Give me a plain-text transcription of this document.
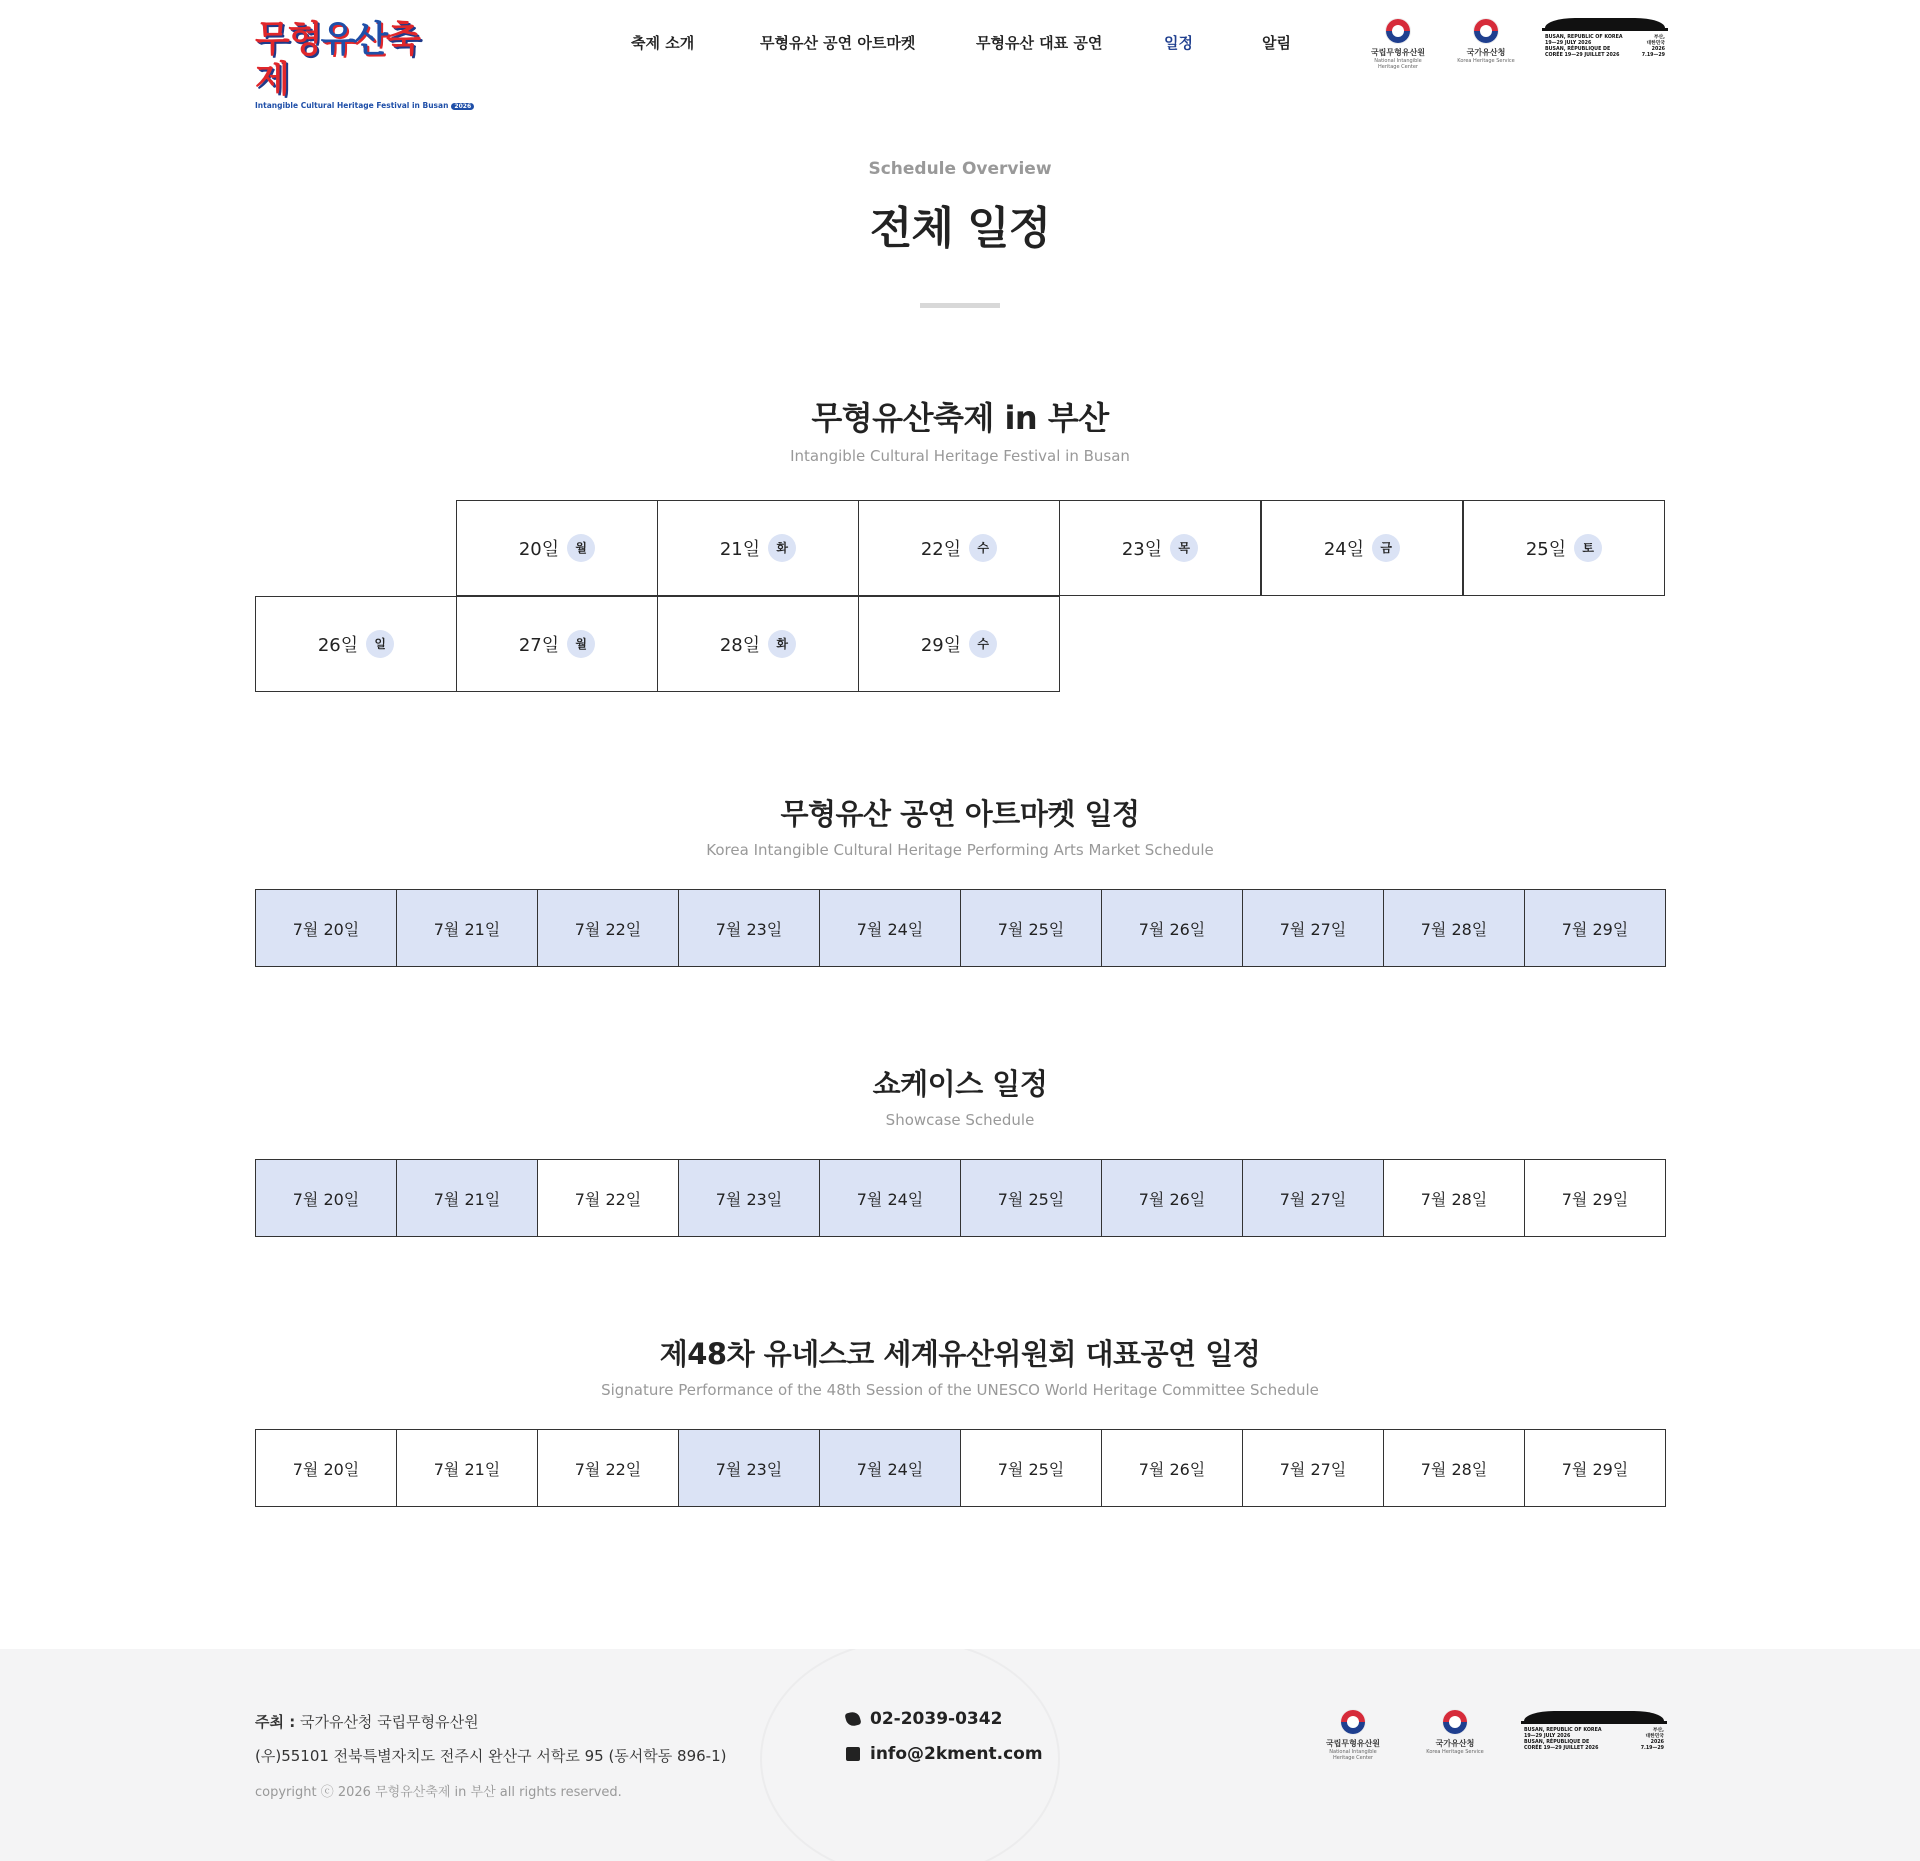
무형유산축제
Intangible Cultural Heritage Festival in Busan 2026
축제 소개	무형유산 공연 아트마켓	무형유산 대표 공연	일정	알림
국립무형유산원
National Intangible
Heritage Center
국가유산청
Korea Heritage Service
BUSAN, REPUBLIC OF KOREA
19—29 JULY 2026
BUSAN, RÉPUBLIQUE DE
CORÉE 19—29 JUILLET 2026
부산,
대한민국
2026
7.19—29
Schedule Overview
전체 일정
무형유산축제 in 부산
Intangible Cultural Heritage Festival in Busan
20일	월	21일	화	22일	수	23일	목	24일	금	25일	토
26일	일	27일	월	28일	화	29일	수
무형유산 공연 아트마켓 일정
Korea Intangible Cultural Heritage Performing Arts Market Schedule
7월 20일	7월 21일	7월 22일	7월 23일	7월 24일	7월 25일	7월 26일	7월 27일	7월 28일	7월 29일
쇼케이스 일정
Showcase Schedule
7월 20일	7월 21일	7월 22일	7월 23일	7월 24일	7월 25일	7월 26일	7월 27일	7월 28일	7월 29일
제48차 유네스코 세계유산위원회 대표공연 일정
Signature Performance of the 48th Session of the UNESCO World Heritage Committee Schedule
7월 20일	7월 21일	7월 22일	7월 23일	7월 24일	7월 25일	7월 26일	7월 27일	7월 28일	7월 29일
주최 : 국가유산청 국립무형유산원
(우)55101 전북특별자치도 전주시 완산구 서학로 95 (동서학동 896-1)
copyright ⓒ 2026 무형유산축제 in 부산 all rights reserved.
02-2039-0342
info@2kment.com
국립무형유산원
National Intangible
Heritage Center
국가유산청
Korea Heritage Service
BUSAN, REPUBLIC OF KOREA
19—29 JULY 2026
BUSAN, RÉPUBLIQUE DE
CORÉE 19—29 JUILLET 2026
부산,
대한민국
2026
7.19—29
